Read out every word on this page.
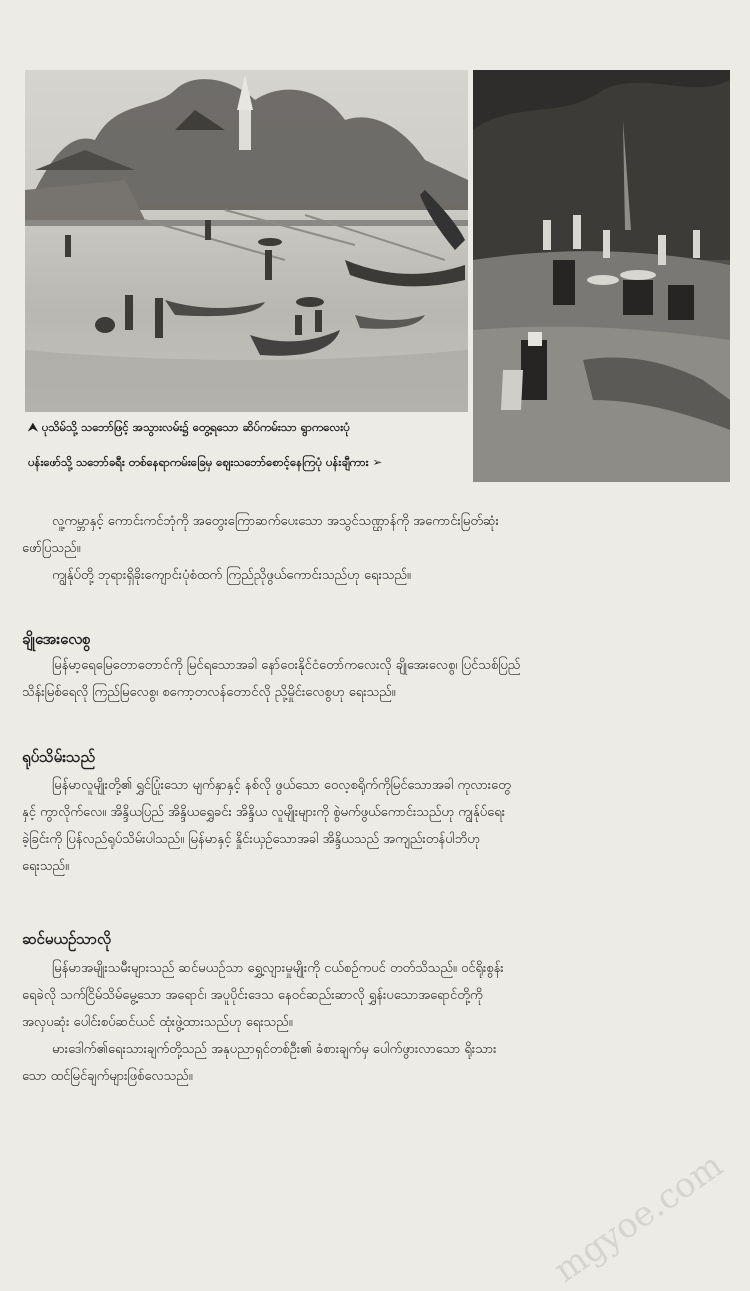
⮝ ပုသိမ်သို့ သဘော်ဖြင့် အသွားလမ်း၌ တွေ့ရသော ဆိပ်ကမ်းသာ ရွာကလေးပုံ
ပန်းဖော်သို့ သဘော်ခရီး တစ်နေရာကမ်းခြေမှ ဈေးသဘော်စောင့်နေကြပုံ ပန်းချီကား ➢
လူ့ကမ္ဘာနှင့် ကောင်းကင်ဘုံကို အတွေးကြောဆက်ပေးသော အသွင်သဏ္ဌာန်ကို အကောင်းမြတ်ဆုံး
ဖော်ပြသည်။
ကျွန်ုပ်တို့ ဘုရားရှိခိုးကျောင်းပုံစံထက် ကြည်ညိုဖွယ်ကောင်းသည်ဟု ရေးသည်။
ချိုအေးလေစွ
မြန်မာ့ရေမြေတောတောင်ကို မြင်ရသောအခါ နော်ဝေးနိုင်ငံတော်ကလေးလို ချိုအေးလေစွ၊ ပြင်သစ်ပြည်
သိန်းမြစ်ရေလို ကြည်မြလေစွ၊ စကော့တလန်တောင်လို ညို့မှိုင်းလေစွဟု ရေးသည်။
ရုပ်သိမ်းသည်
မြန်မာလူမျိုးတို့၏ ရွှင်ပြုံးသော မျက်နှာနှင့် နစ်လို ဖွယ်သော ဝေလ့စရိုက်ကိုမြင်သောအခါ ကုလားတွေ
နှင့် ကွာလိုက်လေ။ အိန္ဒိယပြည် အိန္ဒိယရွှေခင်း အိန္ဒိယ လူမျိုးများကို စွဲမက်ဖွယ်ကောင်းသည်ဟု ကျွန်ုပ်ရေး
ခဲ့ခြင်းကို ပြန်လည်ရုပ်သိမ်းပါသည်။ မြန်မာနှင့် နှိုင်းယှဉ်သောအခါ အိန္ဒိယသည် အကျည်းတန်ပါဘိဟု
ရေးသည်။
ဆင်မယဉ်သာလို
မြန်မာအမျိုးသမီးများသည် ဆင်မယဉ်သာ ရွှေ့လျားမှုမျိုးကို ငယ်စဉ်ကပင် တတ်သိသည်။ ဝင်ရိုးစွန်း
ရေခဲလို သက်ငြိမ်သိမ်မွေ့သော အရောင်၊ အပူပိုင်းဒေသ နေဝင်ဆည်းဆာလို ရွှန်းပသောအရောင်တို့ကို
အလှပဆုံး ပေါင်းစပ်ဆင်ယင် ထုံးဖွဲ့ထားသည်ဟု ရေးသည်။
မားဒေါက်၏ရေးသားချက်တို့သည် အနုပညာရှင်တစ်ဦး၏ ခံစားချက်မှ ပေါက်ဖွားလာသော ရိုးသား
သော ထင်မြင်ချက်များဖြစ်လေသည်။
mgyoe.com
